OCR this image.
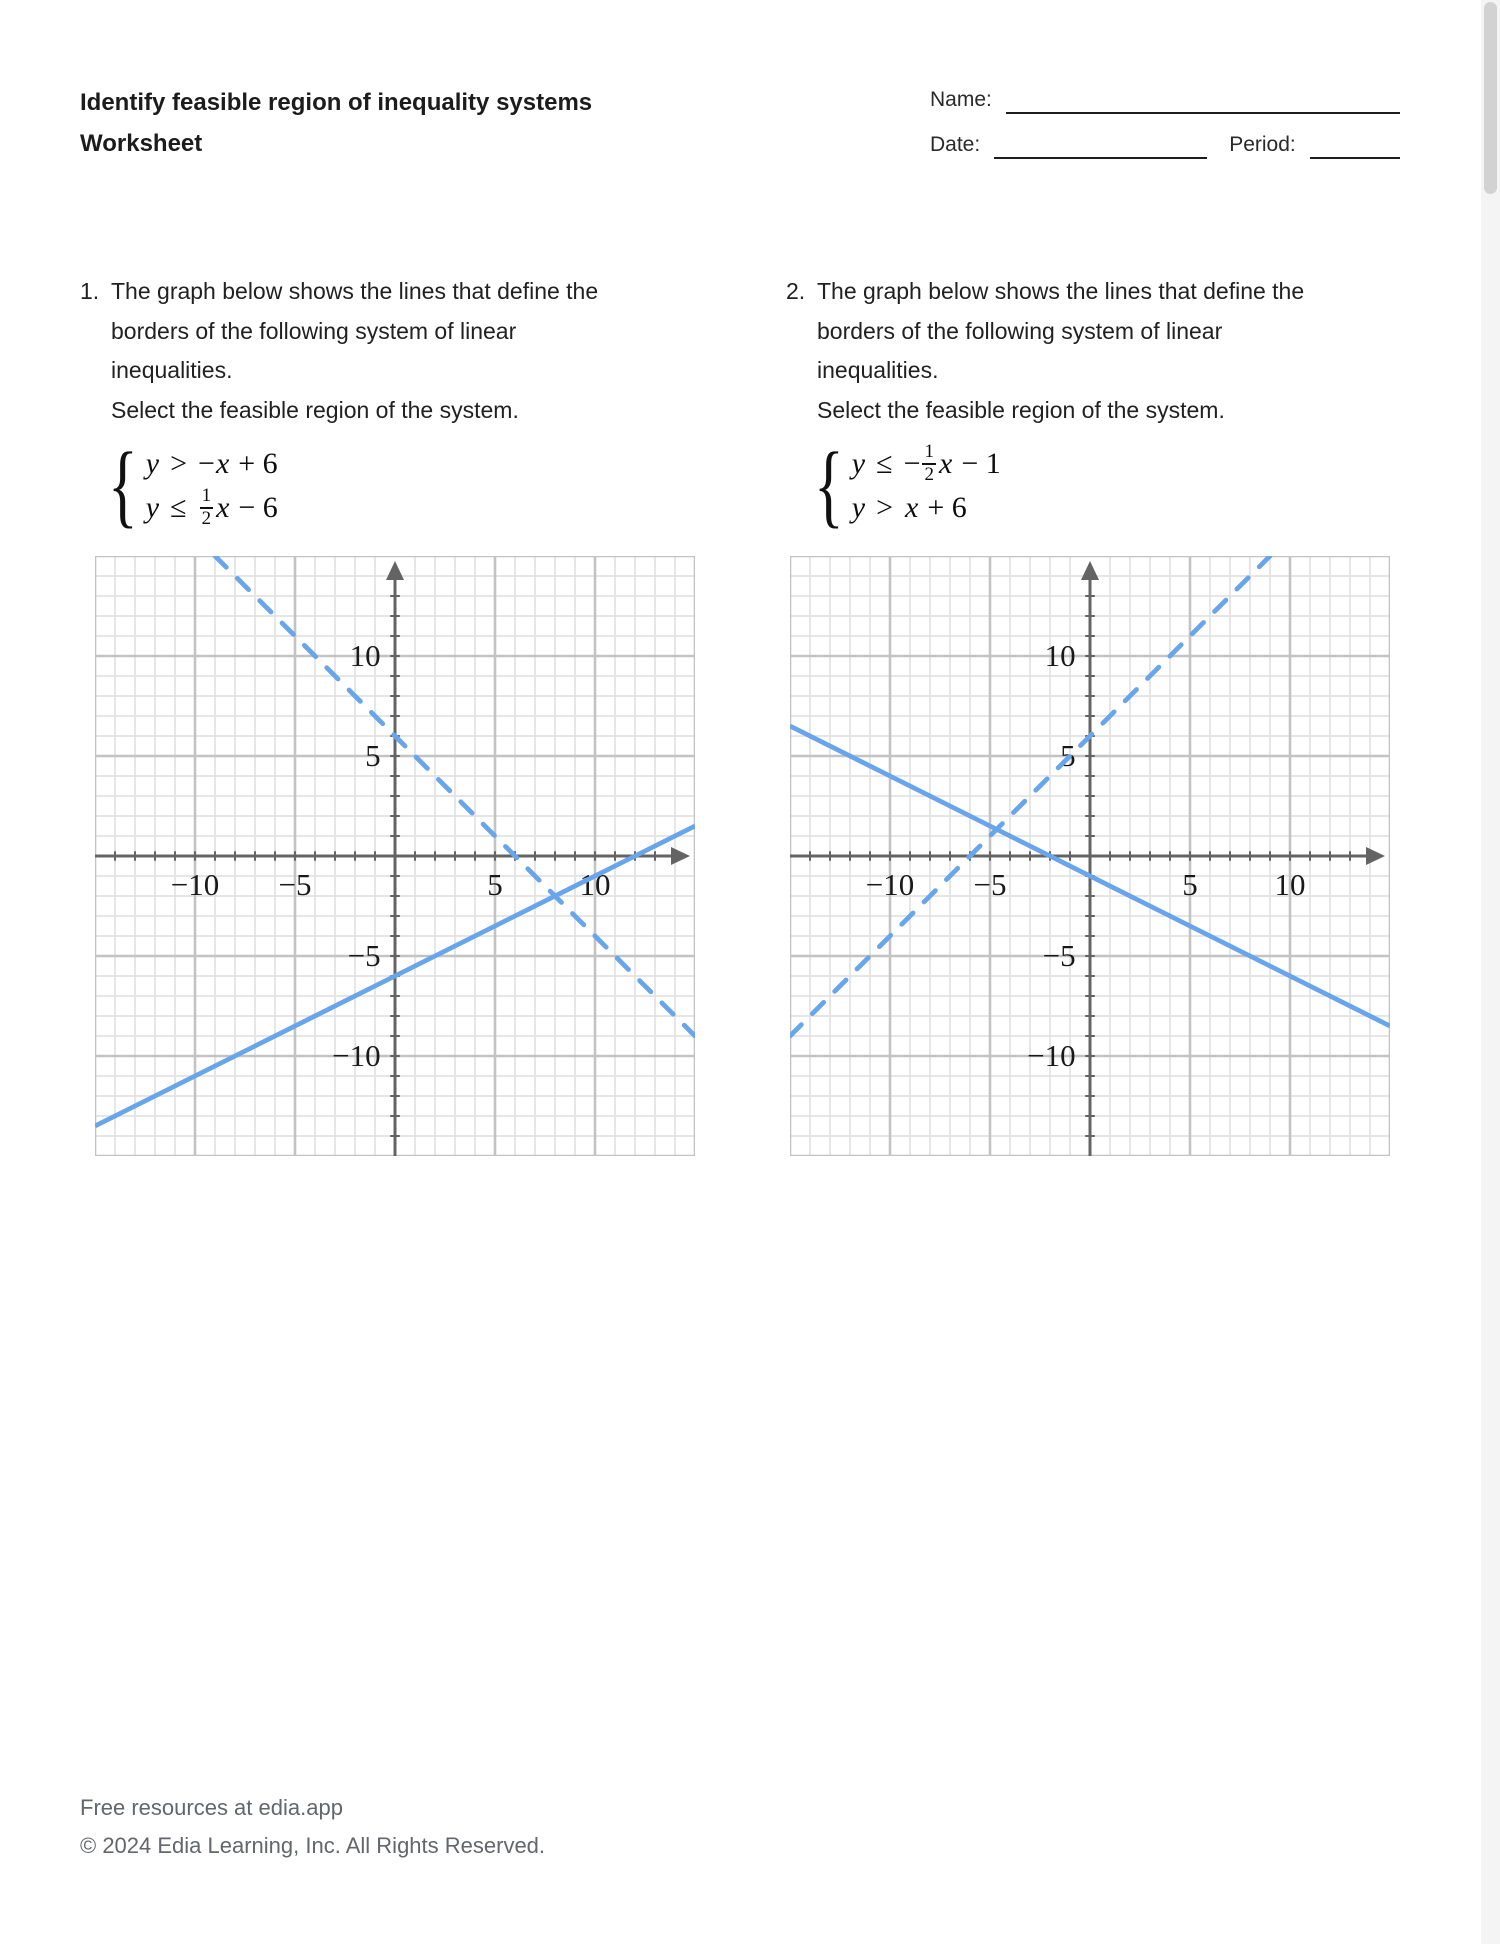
Identify feasible region of inequality systems
Worksheet
Name:
Date:	Period:
1. The graph below shows the lines that define the
borders of the following system of linear
inequalities.
Select the feasible region of the system.
{ y > − x + 6
$y \le \frac{1}{2}$ x − 6
2. The graph below shows the lines that define the
borders of the following system of linear
inequalities.
Select the feasible region of the system.
{ y ≤ − $\frac{1}{2}$ x − 1
y > x + 6
−10	−5	5	10
10
5
−5
−10
−10	−5	5	10
10
5
−5
−10
Free resources at edia.app
© 2024 Edia Learning, Inc. All Rights Reserved.
